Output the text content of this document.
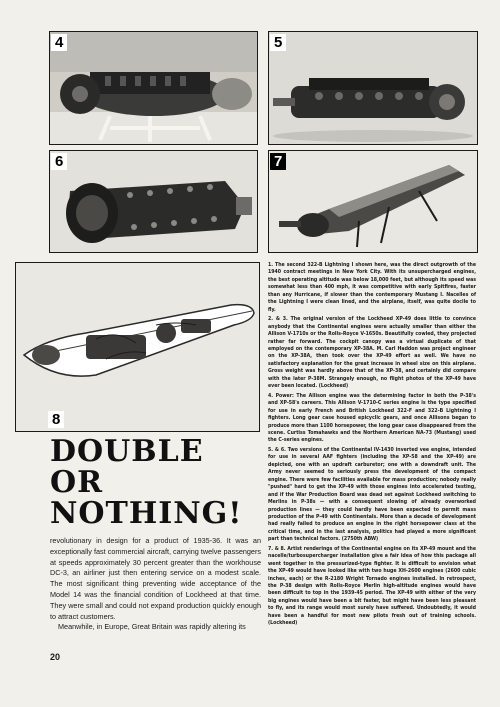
4	5
6	7
8

1. The second 322-B Lightning I shown here, was the direct outgrowth of the 1940 contract meetings in New York City. With its unsupercharged engines, the best operating altitude was below 18,000 feet, but although its speed was somewhat less than 400 mph, it was competitive with early Spitfires, faster than any Hurricane, if slower than the contemporary Mustang I. Nacelles of the Lightning I were clean lined, and the airplane, itself, was quite docile to fly.

2. & 3. The original version of the Lockheed XP-49 does little to convince anybody that the Continental engines were actually smaller than either the Allison V-1710s or the Rolls-Royce V-1650s. Beautifully cowled, they projected rather far forward. The cockpit canopy was a virtual duplicate of that employed on the contemporary XP-38A. M. Carl Haddon was project engineer on the XP-38A, then took over the XP-49 effort as well. We have no satisfactory explanation for the great increase in wheel size on this airplane. Gross weight was hardly above that of the XP-38, and certainly did compare with the later P-38M. Strangely enough, no flight photos of the XP-49 have ever been located. (Lockheed)

4. Power: The Allison engine was the determining factor in both the P-38's and XP-58's careers. This Allison V-1710-C series engine is the type specified for use in early French and British Lockheed 322-F and 322-B Lightning I fighters. Long gear case housed epicyclic gears, and once Allisons began to produce more than 1100 horsepower, the long gear case disappeared from the scene. Curtiss Tomahawks and the Northern American NA-73 (Mustang) used the C-series engines.

5. & 6. Two versions of the Continental IV-1430 inverted vee engine, intended for use in several AAF fighters (including the XP-58 and the XP-49) are depicted, one with an updraft carburetor; one with a downdraft unit. The Army never seemed to seriously press the development of the compact engine. There were few facilities available for mass production; nobody really "pushed" hard to get the XP-49 with those engines into accelerated testing, and if the War Production Board was dead set against Lockheed switching to Merlins in P-38s — with a consequent slowing of already overworked production lines — they could hardly have been expected to permit mass production of the P-49 with Continentals. More than a decade of development had really failed to produce an engine in the right horsepower class at the critical time, and in the last analysis, politics had played a more significant part than technical factors. (2750th ABW)

7. & 8. Artist renderings of the Continental engine on its XP-49 mount and the nacelle/turbosupercharger installation give a fair idea of how this package all went together in the pressurized-type fighter. It is difficult to envision what the XP-49 would have looked like with two huge XH-2600 engines (2600 cubic inches, each) or the R-2180 Wright Tornado engines installed. In retrospect, the P-38 design with Rolls-Royce Merlin high-altitude engines would have been difficult to top in the 1939-45 period. The XP-49 with either of the very big engines would have been a bit faster, but might have been less pleasant to fly, and its range would most surely have suffered. Undoubtedly, it would have been a handful for most new pilots fresh out of training schools. (Lockheed)

DOUBLE
OR
NOTHING!

revolutionary in design for a product of 1935-36. It was an exceptionally fast commercial aircraft, carrying twelve passengers at speeds approximately 30 percent greater than the workhouse DC-3, an airliner just then entering service on a modest scale. The most significant thing preventing wide acceptance of the Model 14 was the financial condition of Lockheed at that time. They were small and could not expand production quickly enough to attract customers.

Meanwhile, in Europe, Great Britain was rapidly altering its

20
